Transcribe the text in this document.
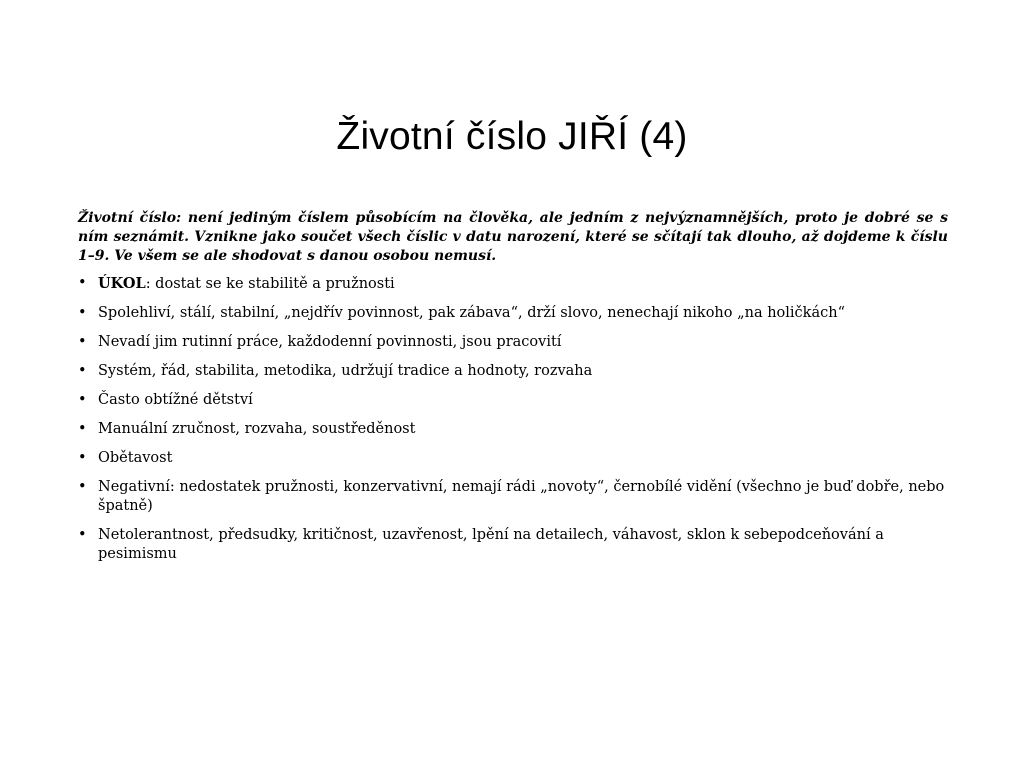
Životní číslo JIŘÍ (4)

Životní číslo: není jediným číslem působícím na člověka, ale jedním z nejvýznamnějších, proto je dobré se s ním seznámit. Vznikne jako součet všech číslic v datu narození, které se sčítají tak dlouho, až dojdeme k číslu 1–9. Ve všem se ale shodovat s danou osobou nemusí.

• ÚKOL: dostat se ke stabilitě a pružnosti
• Spolehliví, stálí, stabilní, „nejdřív povinnost, pak zábava“, drží slovo, nenechají nikoho „na holičkách“
• Nevadí jim rutinní práce, každodenní povinnosti, jsou pracovití
• Systém, řád, stabilita, metodika, udržují tradice a hodnoty, rozvaha
• Často obtížné dětství
• Manuální zručnost, rozvaha, soustředěnost
• Obětavost
• Negativní: nedostatek pružnosti, konzervativní, nemají rádi „novoty“, černobílé vidění (všechno je buď dobře, nebo špatně)
• Netolerantnost, předsudky, kritičnost, uzavřenost, lpění na detailech, váhavost, sklon k sebepodceňování a pesimismu
